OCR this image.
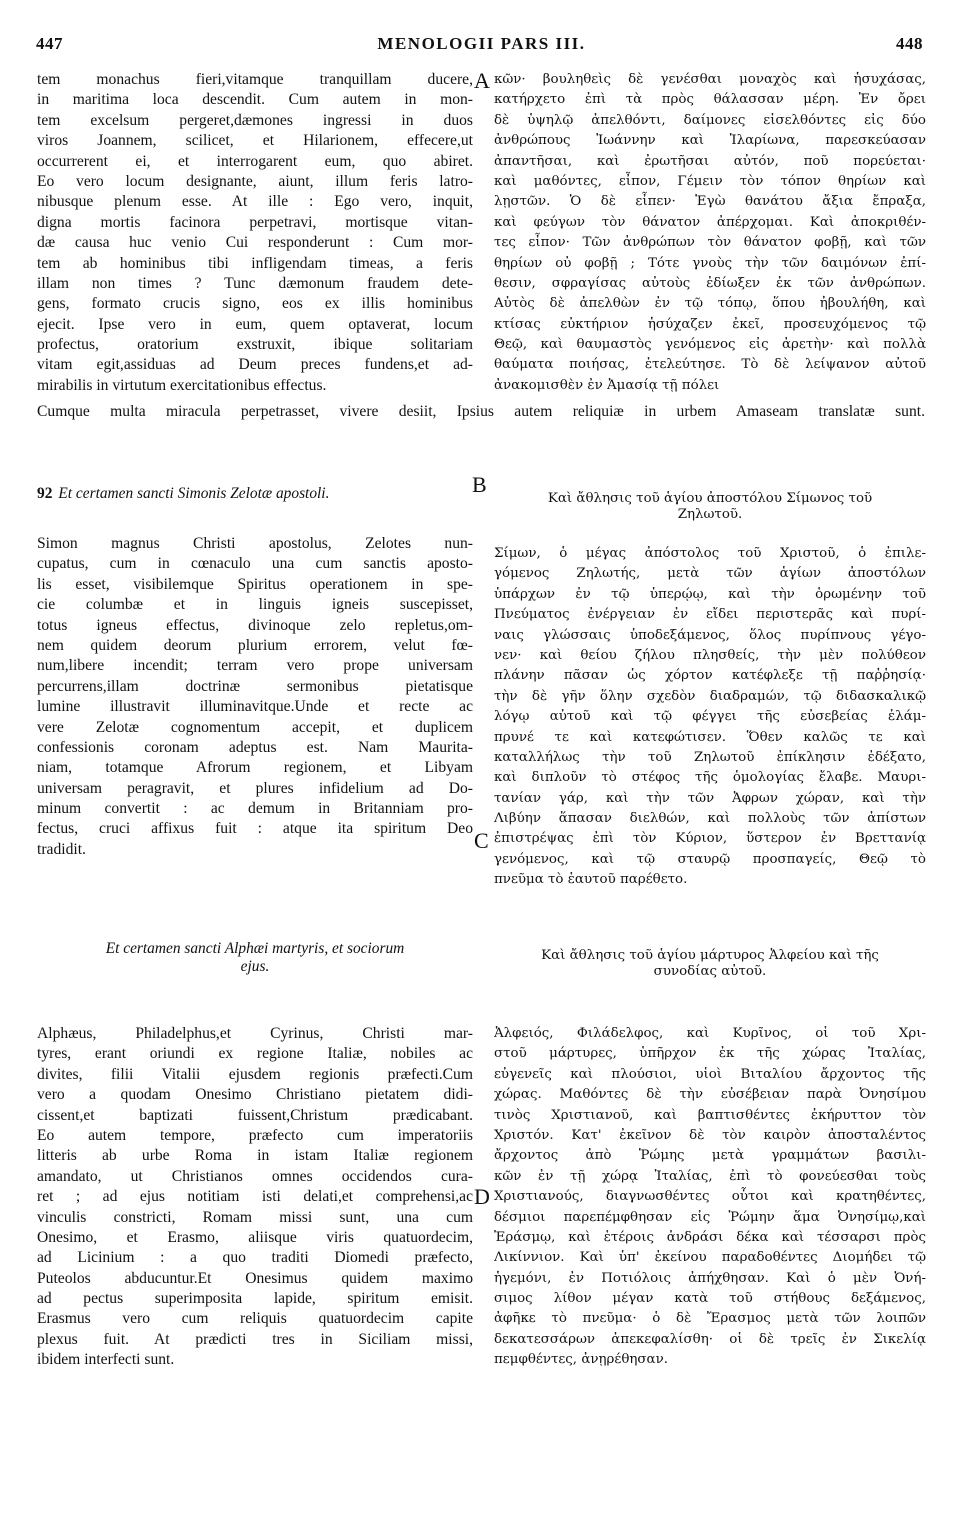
447	MENOLOGII PARS III.	448
A
B
C
D
tem monachus fieri,vitamque tranquillam ducere,
in maritima loca descendit. Cum autem in mon-
tem excelsum pergeret,dæmones ingressi in duos
viros Joannem, scilicet, et Hilarionem, effecere,ut
occurrerent ei, et interrogarent eum, quo abiret.
Eo vero locum designante, aiunt, illum feris latro-
nibusque plenum esse. At ille : Ego vero, inquit,
digna mortis facinora perpetravi, mortisque vitan-
dæ causa huc venio Cui responderunt : Cum mor-
tem ab hominibus tibi infligendam timeas, a feris
illam non times ? Tunc dæmonum fraudem dete-
gens, formato crucis signo, eos ex illis hominibus
ejecit. Ipse vero in eum, quem optaverat, locum
profectus, oratorium exstruxit, ibique solitariam
vitam egit,assiduas ad Deum preces fundens,et ad-
mirabilis in virtutum exercitationibus effectus.
κῶν· βουληθεὶς δὲ γενέσθαι μοναχὸς καὶ ἡσυχάσας,
κατήρχετο ἐπὶ τὰ πρὸς θάλασσαν μέρη. Ἐν ὄρει
δὲ ὑψηλῷ ἀπελθόντι, δαίμονες εἰσελθόντες εἰς δύο
ἀνθρώπους Ἰωάννην καὶ Ἱλαρίωνα, παρεσκεύασαν
ἀπαντῆσαι, καὶ ἐρωτῆσαι αὐτόν, ποῦ πορεύεται·
καὶ μαθόντες, εἶπον, Γέμειν τὸν τόπον θηρίων καὶ
λῃστῶν. Ὁ δὲ εἶπεν· Ἐγὼ θανάτου ἄξια ἔπραξα,
καὶ φεύγων τὸν θάνατον ἀπέρχομαι. Καὶ ἀποκριθέν-
τες εἶπον· Τῶν ἀνθρώπων τὸν θάνατον φοβῇ, καὶ τῶν
θηρίων οὐ φοβῇ ; Τότε γνοὺς τὴν τῶν δαιμόνων ἐπί-
θεσιν, σφραγίσας αὐτοὺς ἐδίωξεν ἐκ τῶν ἀνθρώπων.
Αὐτὸς δὲ ἀπελθὼν ἐν τῷ τόπῳ, ὅπου ἠβουλήθη, καὶ
κτίσας εὐκτήριον ἡσύχαζεν ἐκεῖ, προσευχόμενος τῷ
Θεῷ, καὶ θαυμαστὸς γενόμενος εἰς ἀρετὴν· καὶ πολλὰ
θαύματα ποιήσας, ἐτελεύτησε. Τὸ δὲ λείψανον αὐτοῦ
ἀνακομισθὲν ἐν Ἀμασίᾳ τῇ πόλει
Cumque multa miracula perpetrasset, vivere desiit, Ipsius autem reliquiæ in urbem Amaseam translatæ sunt.
92 Et certamen sancti Simonis Zelotæ apostoli.	Καὶ ἄθλησις τοῦ ἁγίου ἀποστόλου Σίμωνος τοῦ
Ζηλωτοῦ.
Simon magnus Christi apostolus, Zelotes nun-
cupatus, cum in cœnaculo una cum sanctis aposto-
lis esset, visibilemque Spiritus operationem in spe-
cie columbæ et in linguis igneis suscepisset,
totus igneus effectus, divinoque zelo repletus,om-
nem quidem deorum plurium errorem, velut fœ-
num,libere incendit; terram vero prope universam
percurrens,illam doctrinæ sermonibus pietatisque
lumine illustravit illuminavitque.Unde et recte ac
vere Zelotæ cognomentum accepit, et duplicem
confessionis coronam adeptus est. Nam Maurita-
niam, totamque Afrorum regionem, et Libyam
universam peragravit, et plures infidelium ad Do-
minum convertit : ac demum in Britanniam pro-
fectus, cruci affixus fuit : atque ita spiritum Deo
tradidit.
Σίμων, ὁ μέγας ἀπόστολος τοῦ Χριστοῦ, ὁ ἐπιλε-
γόμενος Ζηλωτής, μετὰ τῶν ἁγίων ἀποστόλων
ὑπάρχων ἐν τῷ ὑπερῴῳ, καὶ τὴν ὁρωμένην τοῦ
Πνεύματος ἐνέργειαν ἐν εἴδει περιστερᾶς καὶ πυρί-
ναις γλώσσαις ὑποδεξάμενος, ὅλος πυρίπνους γέγο-
νεν· καὶ θείου ζήλου πλησθείς, τὴν μὲν πολύθεον
πλάνην πᾶσαν ὡς χόρτον κατέφλεξε τῇ παῤῥησίᾳ·
τὴν δὲ γῆν ὅλην σχεδὸν διαδραμών, τῷ διδασκαλικῷ
λόγῳ αὐτοῦ καὶ τῷ φέγγει τῆς εὐσεβείας ἐλάμ-
πρυνέ τε καὶ κατεφώτισεν. Ὅθεν καλῶς τε καὶ
καταλλήλως τὴν τοῦ Ζηλωτοῦ ἐπίκλησιν ἐδέξατο,
καὶ διπλοῦν τὸ στέφος τῆς ὁμολογίας ἔλαβε. Μαυρι-
τανίαν γάρ, καὶ τὴν τῶν Ἀφρων χώραν, καὶ τὴν
Λιβύην ἅπασαν διελθών, καὶ πολλοὺς τῶν ἀπίστων
ἐπιστρέψας ἐπὶ τὸν Κύριον, ὕστερον ἐν Βρεττανίᾳ
γενόμενος, καὶ τῷ σταυρῷ προσπαγείς, Θεῷ τὸ
πνεῦμα τὸ ἑαυτοῦ παρέθετο.
Et certamen sancti Alphæi martyris, et sociorum
ejus.
Καὶ ἄθλησις τοῦ ἁγίου μάρτυρος Ἀλφείου καὶ τῆς
συνοδίας αὐτοῦ.
Alphæus, Philadelphus,et Cyrinus, Christi mar-
tyres, erant oriundi ex regione Italiæ, nobiles ac
divites, filii Vitalii ejusdem regionis præfecti.Cum
vero a quodam Onesimo Christiano pietatem didi-
cissent,et baptizati fuissent,Christum prædicabant.
Eo autem tempore, præfecto cum imperatoriis
litteris ab urbe Roma in istam Italiæ regionem
amandato, ut Christianos omnes occidendos cura-
ret ; ad ejus notitiam isti delati,et comprehensi,ac
vinculis constricti, Romam missi sunt, una cum
Onesimo, et Erasmo, aliisque viris quatuordecim,
ad Licinium : a quo traditi Diomedi præfecto,
Puteolos abducuntur.Et Onesimus quidem maximo
ad pectus superimposita lapide, spiritum emisit.
Erasmus vero cum reliquis quatuordecim capite
plexus fuit. At prædicti tres in Siciliam missi,
ibidem interfecti sunt.
Ἀλφειός, Φιλάδελφος, καὶ Κυρῖνος, οἱ τοῦ Χρι-
στοῦ μάρτυρες, ὑπῆρχον ἐκ τῆς χώρας Ἰταλίας,
εὐγενεῖς καὶ πλούσιοι, υἱοὶ Βιταλίου ἄρχοντος τῆς
χώρας. Μαθόντες δὲ τὴν εὐσέβειαν παρὰ Ὀνησίμου
τινὸς Χριστιανοῦ, καὶ βαπτισθέντες ἐκήρυττον τὸν
Χριστόν. Κατ' ἐκεῖνον δὲ τὸν καιρὸν ἀποσταλέντος
ἄρχοντος ἀπὸ Ῥώμης μετὰ γραμμάτων βασιλι-
κῶν ἐν τῇ χώρᾳ Ἰταλίας, ἐπὶ τὸ φονεύεσθαι τοὺς
Χριστιανούς, διαγνωσθέντες οὗτοι καὶ κρατηθέντες,
δέσμιοι παρεπέμφθησαν εἰς Ῥώμην ἅμα Ὀνησίμῳ,καὶ
Ἐράσμῳ, καὶ ἑτέροις ἀνδράσι δέκα καὶ τέσσαρσι πρὸς
Λικίννιον. Καὶ ὑπ' ἐκείνου παραδοθέντες Διομήδει τῷ
ἡγεμόνι, ἐν Ποτιόλοις ἀπήχθησαν. Καὶ ὁ μὲν Ὀνή-
σιμος λίθον μέγαν κατὰ τοῦ στήθους δεξάμενος,
ἀφῆκε τὸ πνεῦμα· ὁ δὲ Ἔρασμος μετὰ τῶν λοιπῶν
δεκατεσσάρων ἀπεκεφαλίσθη· οἱ δὲ τρεῖς ἐν Σικελίᾳ
πεμφθέντες, ἀνῃρέθησαν.
